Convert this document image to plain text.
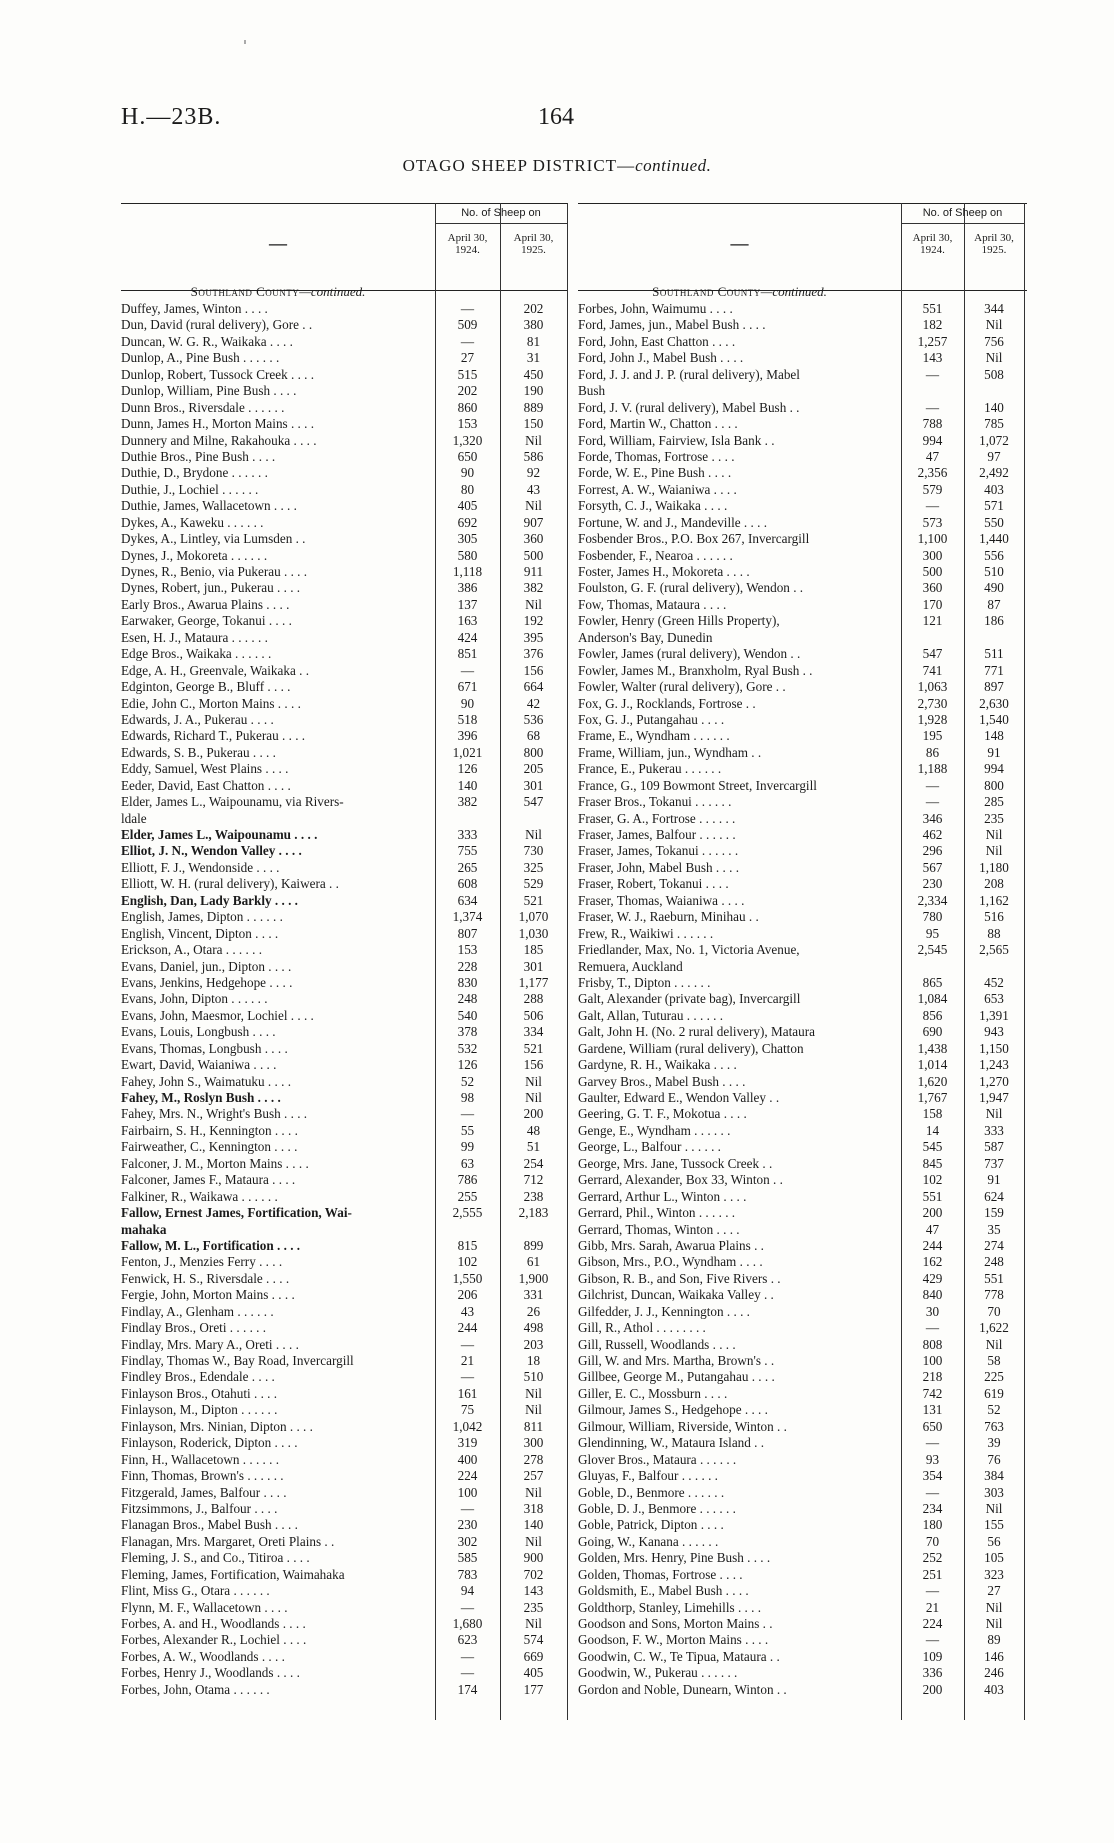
H.—23B.	164
OTAGO SHEEP DISTRICT—continued.
—
No. of Sheep on
April 30, 1924.
April 30, 1925.
Southland County—continued.
Duffey, James, Winton . . . .	—	202
Dun, David (rural delivery), Gore . .	509	380
Duncan, W. G. R., Waikaka . . . .	—	81
Dunlop, A., Pine Bush . . . . . .	27	31
Dunlop, Robert, Tussock Creek . . . .	515	450
Dunlop, William, Pine Bush . . . .	202	190
Dunn Bros., Riversdale . . . . . .	860	889
Dunn, James H., Morton Mains . . . .	153	150
Dunnery and Milne, Rakahouka . . . .	1,320	Nil
Duthie Bros., Pine Bush . . . .	650	586
Duthie, D., Brydone . . . . . .	90	92
Duthie, J., Lochiel . . . . . .	80	43
Duthie, James, Wallacetown . . . .	405	Nil
Dykes, A., Kaweku . . . . . .	692	907
Dykes, A., Lintley, via Lumsden . .	305	360
Dynes, J., Mokoreta . . . . . .	580	500
Dynes, R., Benio, via Pukerau . . . .	1,118	911
Dynes, Robert, jun., Pukerau . . . .	386	382
Early Bros., Awarua Plains . . . .	137	Nil
Earwaker, George, Tokanui . . . .	163	192
Esen, H. J., Mataura . . . . . .	424	395
Edge Bros., Waikaka . . . . . .	851	376
Edge, A. H., Greenvale, Waikaka . .	—	156
Edginton, George B., Bluff . . . .	671	664
Edie, John C., Morton Mains . . . .	90	42
Edwards, J. A., Pukerau . . . .	518	536
Edwards, Richard T., Pukerau . . . .	396	68
Edwards, S. B., Pukerau . . . .	1,021	800
Eddy, Samuel, West Plains . . . .	126	205
Eeder, David, East Chatton . . . .	140	301
Elder, James L., Waipounamu, via Rivers-	382	547
ldale
Elder, James L., Waipounamu . . . .	333	Nil
Elliot, J. N., Wendon Valley . . . .	755	730
Elliott, F. J., Wendonside . . . .	265	325
Elliott, W. H. (rural delivery), Kaiwera . .	608	529
English, Dan, Lady Barkly . . . .	634	521
English, James, Dipton . . . . . .	1,374	1,070
English, Vincent, Dipton . . . .	807	1,030
Erickson, A., Otara . . . . . .	153	185
Evans, Daniel, jun., Dipton . . . .	228	301
Evans, Jenkins, Hedgehope . . . .	830	1,177
Evans, John, Dipton . . . . . .	248	288
Evans, John, Maesmor, Lochiel . . . .	540	506
Evans, Louis, Longbush . . . .	378	334
Evans, Thomas, Longbush . . . .	532	521
Ewart, David, Waianiwa . . . .	126	156
Fahey, John S., Waimatuku . . . .	52	Nil
Fahey, M., Roslyn Bush . . . .	98	Nil
Fahey, Mrs. N., Wright's Bush . . . .	—	200
Fairbairn, S. H., Kennington . . . .	55	48
Fairweather, C., Kennington . . . .	99	51
Falconer, J. M., Morton Mains . . . .	63	254
Falconer, James F., Mataura . . . .	786	712
Falkiner, R., Waikawa . . . . . .	255	238
Fallow, Ernest James, Fortification, Wai-	2,555	2,183
mahaka
Fallow, M. L., Fortification . . . .	815	899
Fenton, J., Menzies Ferry . . . .	102	61
Fenwick, H. S., Riversdale . . . .	1,550	1,900
Fergie, John, Morton Mains . . . .	206	331
Findlay, A., Glenham . . . . . .	43	26
Findlay Bros., Oreti . . . . . .	244	498
Findlay, Mrs. Mary A., Oreti . . . .	—	203
Findlay, Thomas W., Bay Road, Invercargill	21	18
Findley Bros., Edendale . . . .	—	510
Finlayson Bros., Otahuti . . . .	161	Nil
Finlayson, M., Dipton . . . . . .	75	Nil
Finlayson, Mrs. Ninian, Dipton . . . .	1,042	811
Finlayson, Roderick, Dipton . . . .	319	300
Finn, H., Wallacetown . . . . . .	400	278
Finn, Thomas, Brown's . . . . . .	224	257
Fitzgerald, James, Balfour . . . .	100	Nil
Fitzsimmons, J., Balfour . . . .	—	318
Flanagan Bros., Mabel Bush . . . .	230	140
Flanagan, Mrs. Margaret, Oreti Plains . .	302	Nil
Fleming, J. S., and Co., Titiroa . . . .	585	900
Fleming, James, Fortification, Waimahaka	783	702
Flint, Miss G., Otara . . . . . .	94	143
Flynn, M. F., Wallacetown . . . .	—	235
Forbes, A. and H., Woodlands . . . .	1,680	Nil
Forbes, Alexander R., Lochiel . . . .	623	574
Forbes, A. W., Woodlands . . . .	—	669
Forbes, Henry J., Woodlands . . . .	—	405
Forbes, John, Otama . . . . . .	174	177
—
No. of Sheep on
April 30, 1924.
April 30, 1925.
Southland County—continued.
Forbes, John, Waimumu . . . .	551	344
Ford, James, jun., Mabel Bush . . . .	182	Nil
Ford, John, East Chatton . . . .	1,257	756
Ford, John J., Mabel Bush . . . .	143	Nil
Ford, J. J. and J. P. (rural delivery), Mabel	—	508
Bush
Ford, J. V. (rural delivery), Mabel Bush . .	—	140
Ford, Martin W., Chatton . . . .	788	785
Ford, William, Fairview, Isla Bank . .	994	1,072
Forde, Thomas, Fortrose . . . .	47	97
Forde, W. E., Pine Bush . . . .	2,356	2,492
Forrest, A. W., Waianiwa . . . .	579	403
Forsyth, C. J., Waikaka . . . .	—	571
Fortune, W. and J., Mandeville . . . .	573	550
Fosbender Bros., P.O. Box 267, Invercargill	1,100	1,440
Fosbender, F., Nearoa . . . . . .	300	556
Foster, James H., Mokoreta . . . .	500	510
Foulston, G. F. (rural delivery), Wendon . .	360	490
Fow, Thomas, Mataura . . . .	170	87
Fowler, Henry (Green Hills Property),	121	186
Anderson's Bay, Dunedin
Fowler, James (rural delivery), Wendon . .	547	511
Fowler, James M., Branxholm, Ryal Bush . .	741	771
Fowler, Walter (rural delivery), Gore . .	1,063	897
Fox, G. J., Rocklands, Fortrose . .	2,730	2,630
Fox, G. J., Putangahau . . . .	1,928	1,540
Frame, E., Wyndham . . . . . .	195	148
Frame, William, jun., Wyndham . .	86	91
France, E., Pukerau . . . . . .	1,188	994
France, G., 109 Bowmont Street, Invercargill	—	800
Fraser Bros., Tokanui . . . . . .	—	285
Fraser, G. A., Fortrose . . . . . .	346	235
Fraser, James, Balfour . . . . . .	462	Nil
Fraser, James, Tokanui . . . . . .	296	Nil
Fraser, John, Mabel Bush . . . .	567	1,180
Fraser, Robert, Tokanui . . . .	230	208
Fraser, Thomas, Waianiwa . . . .	2,334	1,162
Fraser, W. J., Raeburn, Minihau . .	780	516
Frew, R., Waikiwi . . . . . .	95	88
Friedlander, Max, No. 1, Victoria Avenue,	2,545	2,565
Remuera, Auckland
Frisby, T., Dipton . . . . . .	865	452
Galt, Alexander (private bag), Invercargill	1,084	653
Galt, Allan, Tuturau . . . . . .	856	1,391
Galt, John H. (No. 2 rural delivery), Mataura	690	943
Gardene, William (rural delivery), Chatton	1,438	1,150
Gardyne, R. H., Waikaka . . . .	1,014	1,243
Garvey Bros., Mabel Bush . . . .	1,620	1,270
Gaulter, Edward E., Wendon Valley . .	1,767	1,947
Geering, G. T. F., Mokotua . . . .	158	Nil
Genge, E., Wyndham . . . . . .	14	333
George, L., Balfour . . . . . .	545	587
George, Mrs. Jane, Tussock Creek . .	845	737
Gerrard, Alexander, Box 33, Winton . .	102	91
Gerrard, Arthur L., Winton . . . .	551	624
Gerrard, Phil., Winton . . . . . .	200	159
Gerrard, Thomas, Winton . . . .	47	35
Gibb, Mrs. Sarah, Awarua Plains . .	244	274
Gibson, Mrs., P.O., Wyndham . . . .	162	248
Gibson, R. B., and Son, Five Rivers . .	429	551
Gilchrist, Duncan, Waikaka Valley . .	840	778
Gilfedder, J. J., Kennington . . . .	30	70
Gill, R., Athol . . . . . . . .	—	1,622
Gill, Russell, Woodlands . . . .	808	Nil
Gill, W. and Mrs. Martha, Brown's . .	100	58
Gillbee, George M., Putangahau . . . .	218	225
Giller, E. C., Mossburn . . . .	742	619
Gilmour, James S., Hedgehope . . . .	131	52
Gilmour, William, Riverside, Winton . .	650	763
Glendinning, W., Mataura Island . .	—	39
Glover Bros., Mataura . . . . . .	93	76
Gluyas, F., Balfour . . . . . .	354	384
Goble, D., Benmore . . . . . .	—	303
Goble, D. J., Benmore . . . . . .	234	Nil
Goble, Patrick, Dipton . . . .	180	155
Going, W., Kanana . . . . . .	70	56
Golden, Mrs. Henry, Pine Bush . . . .	252	105
Golden, Thomas, Fortrose . . . .	251	323
Goldsmith, E., Mabel Bush . . . .	—	27
Goldthorp, Stanley, Limehills . . . .	21	Nil
Goodson and Sons, Morton Mains . .	224	Nil
Goodson, F. W., Morton Mains . . . .	—	89
Goodwin, C. W., Te Tipua, Mataura . .	109	146
Goodwin, W., Pukerau . . . . . .	336	246
Gordon and Noble, Dunearn, Winton . .	200	403
